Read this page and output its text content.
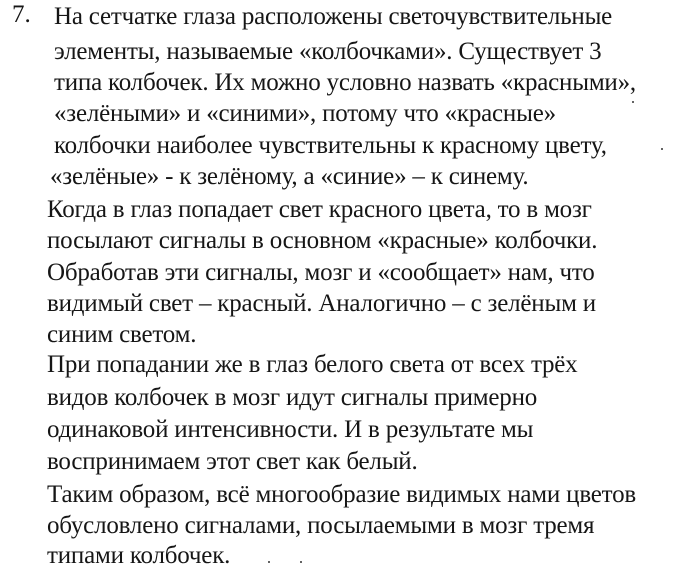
7. На сетчатке глаза расположены светочувствительные
элементы, называемые «колбочками». Существует 3
типа колбочек. Их можно условно назвать «красными»,
«зелёными» и «синими», потому что «красные»
колбочки наиболее чувствительны к красному цвету,
«зелёные» - к зелёному, а «синие» – к синему.
Когда в глаз попадает свет красного цвета, то в мозг
посылают сигналы в основном «красные» колбочки.
Обработав эти сигналы, мозг и «сообщает» нам, что
видимый свет – красный. Аналогично – с зелёным и
синим светом.
При попадании же в глаз белого света от всех трёх
видов колбочек в мозг идут сигналы примерно
одинаковой интенсивности. И в результате мы
воспринимаем этот свет как белый.
Таким образом, всё многообразие видимых нами цветов
обусловлено сигналами, посылаемыми в мозг тремя
типами колбочек.
